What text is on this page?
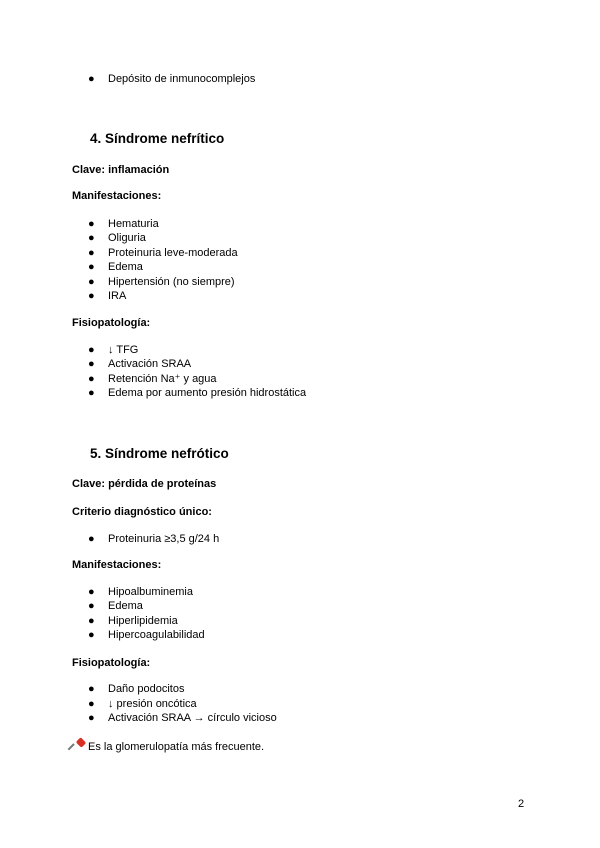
● Depósito de inmunocomplejos
4. Síndrome nefrítico
Clave: inflamación
Manifestaciones:
● Hematuria
● Oliguria
● Proteinuria leve-moderada
● Edema
● Hipertensión (no siempre)
● IRA
Fisiopatología:
● ↓ TFG
● Activación SRAA
● Retención Na⁺ y agua
● Edema por aumento presión hidrostática
5. Síndrome nefrótico
Clave: pérdida de proteínas
Criterio diagnóstico único:
● Proteinuria ≥3,5 g/24 h
Manifestaciones:
● Hipoalbuminemia
● Edema
● Hiperlipidemia
● Hipercoagulabilidad
Fisiopatología:
● Daño podocitos
● ↓ presión oncótica
● Activación SRAA → círculo vicioso
Es la glomerulopatía más frecuente.
2
